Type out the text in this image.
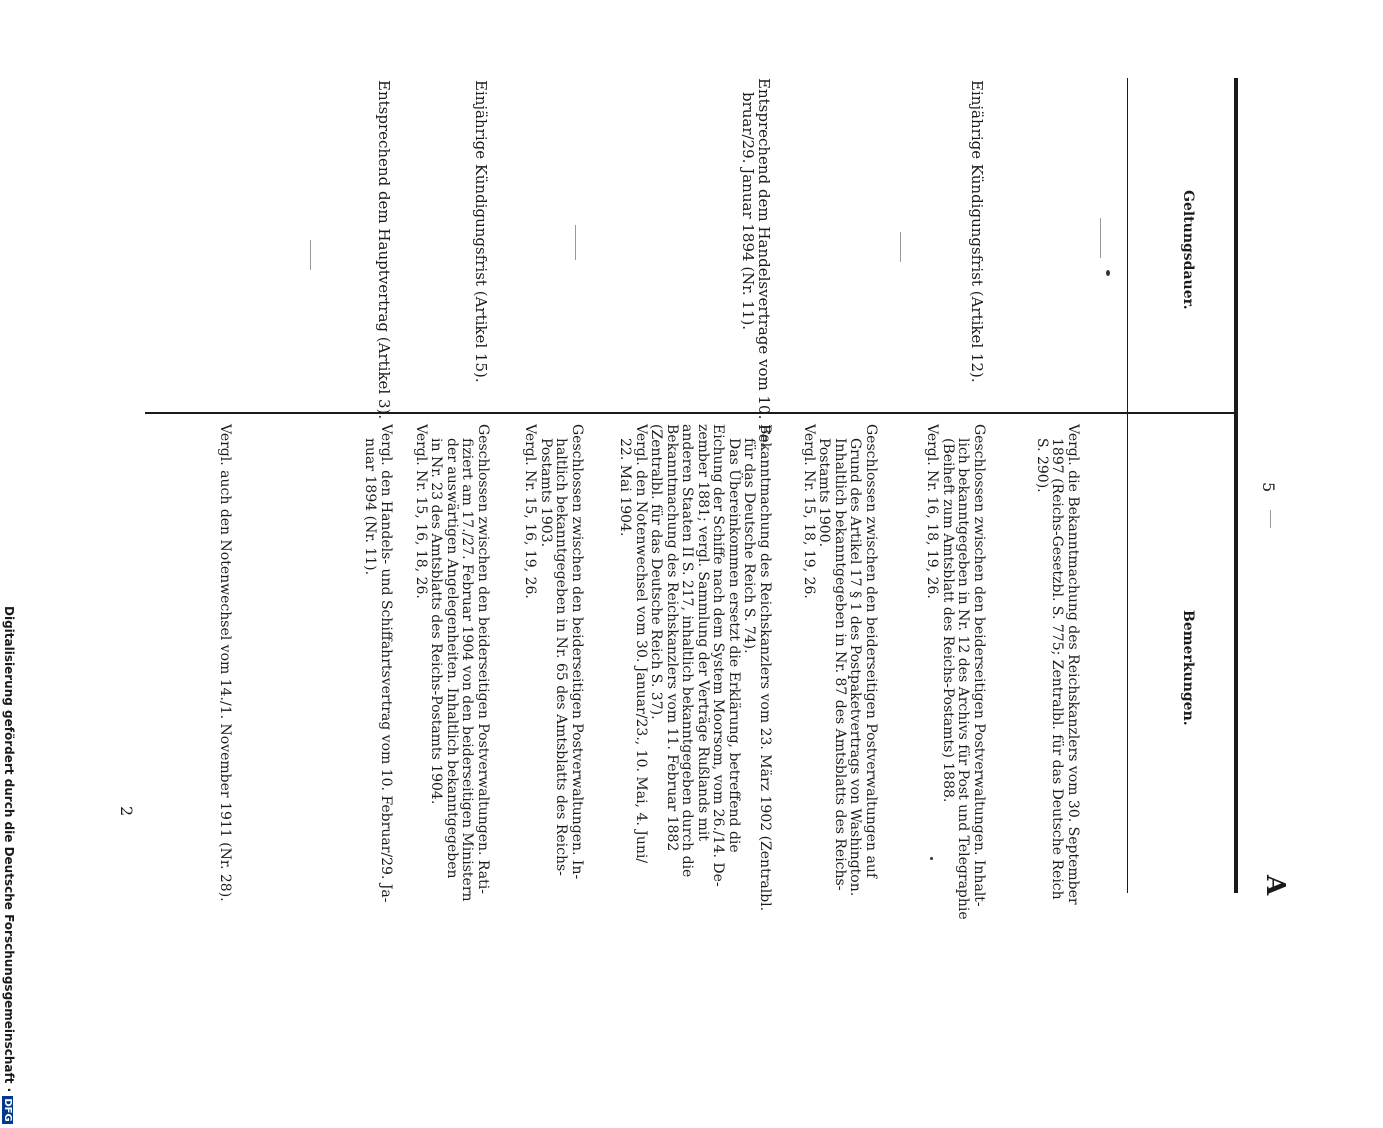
A
5
2
Geltungsdauer.
Bemerkungen.
Einjährige Kündigungsfrist (Artikel 12).
Entsprechend dem Handelsvertrage vom 10. Fe-
bruar/29. Januar 1894 (Nr. 11).
Einjährige Kündigungsfrist (Artikel 15).
Entsprechend dem Hauptvertrag (Artikel 3).

Vergl. die Bekanntmachung des Reichskanzlers vom 30. September

1897 (Reichs-Gesetzbl. S. 775; Zentralbl. für das Deutsche Reich

S. 290).

Geschlossen zwischen den beiderseitigen Postverwaltungen. Inhalt-

lich bekanntgegeben in Nr. 12 des Archivs für Post und Telegraphie

(Beiheft zum Amtsblatt des Reichs-Postamts) 1888.

Vergl. Nr. 16, 18, 19, 26.

Geschlossen zwischen den beiderseitigen Postverwaltungen auf

Grund des Artikel 17 § 1 des Postpaketvertrags von Washington.

Inhaltlich bekanntgegeben in Nr. 87 des Amtsblatts des Reichs-

Postamts 1900.

Vergl. Nr. 15, 18, 19, 26.

Bekanntmachung des Reichskanzlers vom 23. März 1902 (Zentralbl.

für das Deutsche Reich S. 74).

Das Übereinkommen ersetzt die Erklärung, betreffend die

Eichung der Schiffe nach dem System Moorsom, vom 26./14. De-

zember 1881; vergl. Sammlung der Verträge Rußlands mit

anderen Staaten II S. 217, inhaltlich bekanntgegeben durch die

Bekanntmachung des Reichskanzlers vom 11. Februar 1882

(Zentralbl. für das Deutsche Reich S. 37).

Vergl. den Notenwechsel vom 30. Januar/23., 10. Mai, 4. Juni/

22. Mai 1904.

Geschlossen zwischen den beiderseitigen Postverwaltungen. In-

haltlich bekanntgegeben in Nr. 65 des Amtsblatts des Reichs-

Postamts 1903.

Vergl. Nr. 15, 16, 19, 26.

Geschlossen zwischen den beiderseitigen Postverwaltungen. Rati-

fiziert am 17./27. Februar 1904 von den beiderseitigen Ministern

der auswärtigen Angelegenheiten. Inhaltlich bekanntgegeben

in Nr. 23 des Amtsblatts des Reichs-Postamts 1904.

Vergl. Nr. 15, 16, 18, 26.

Vergl. den Handels- und Schiffahrtsvertrag vom 10. Februar/29. Ja-

nuar 1894 (Nr. 11).

Vergl. auch den Notenwechsel vom 14./1. November 1911 (Nr. 28).
Digitalisierung gefördert durch die Deutsche Forschungsgemeinschaft · DFG
